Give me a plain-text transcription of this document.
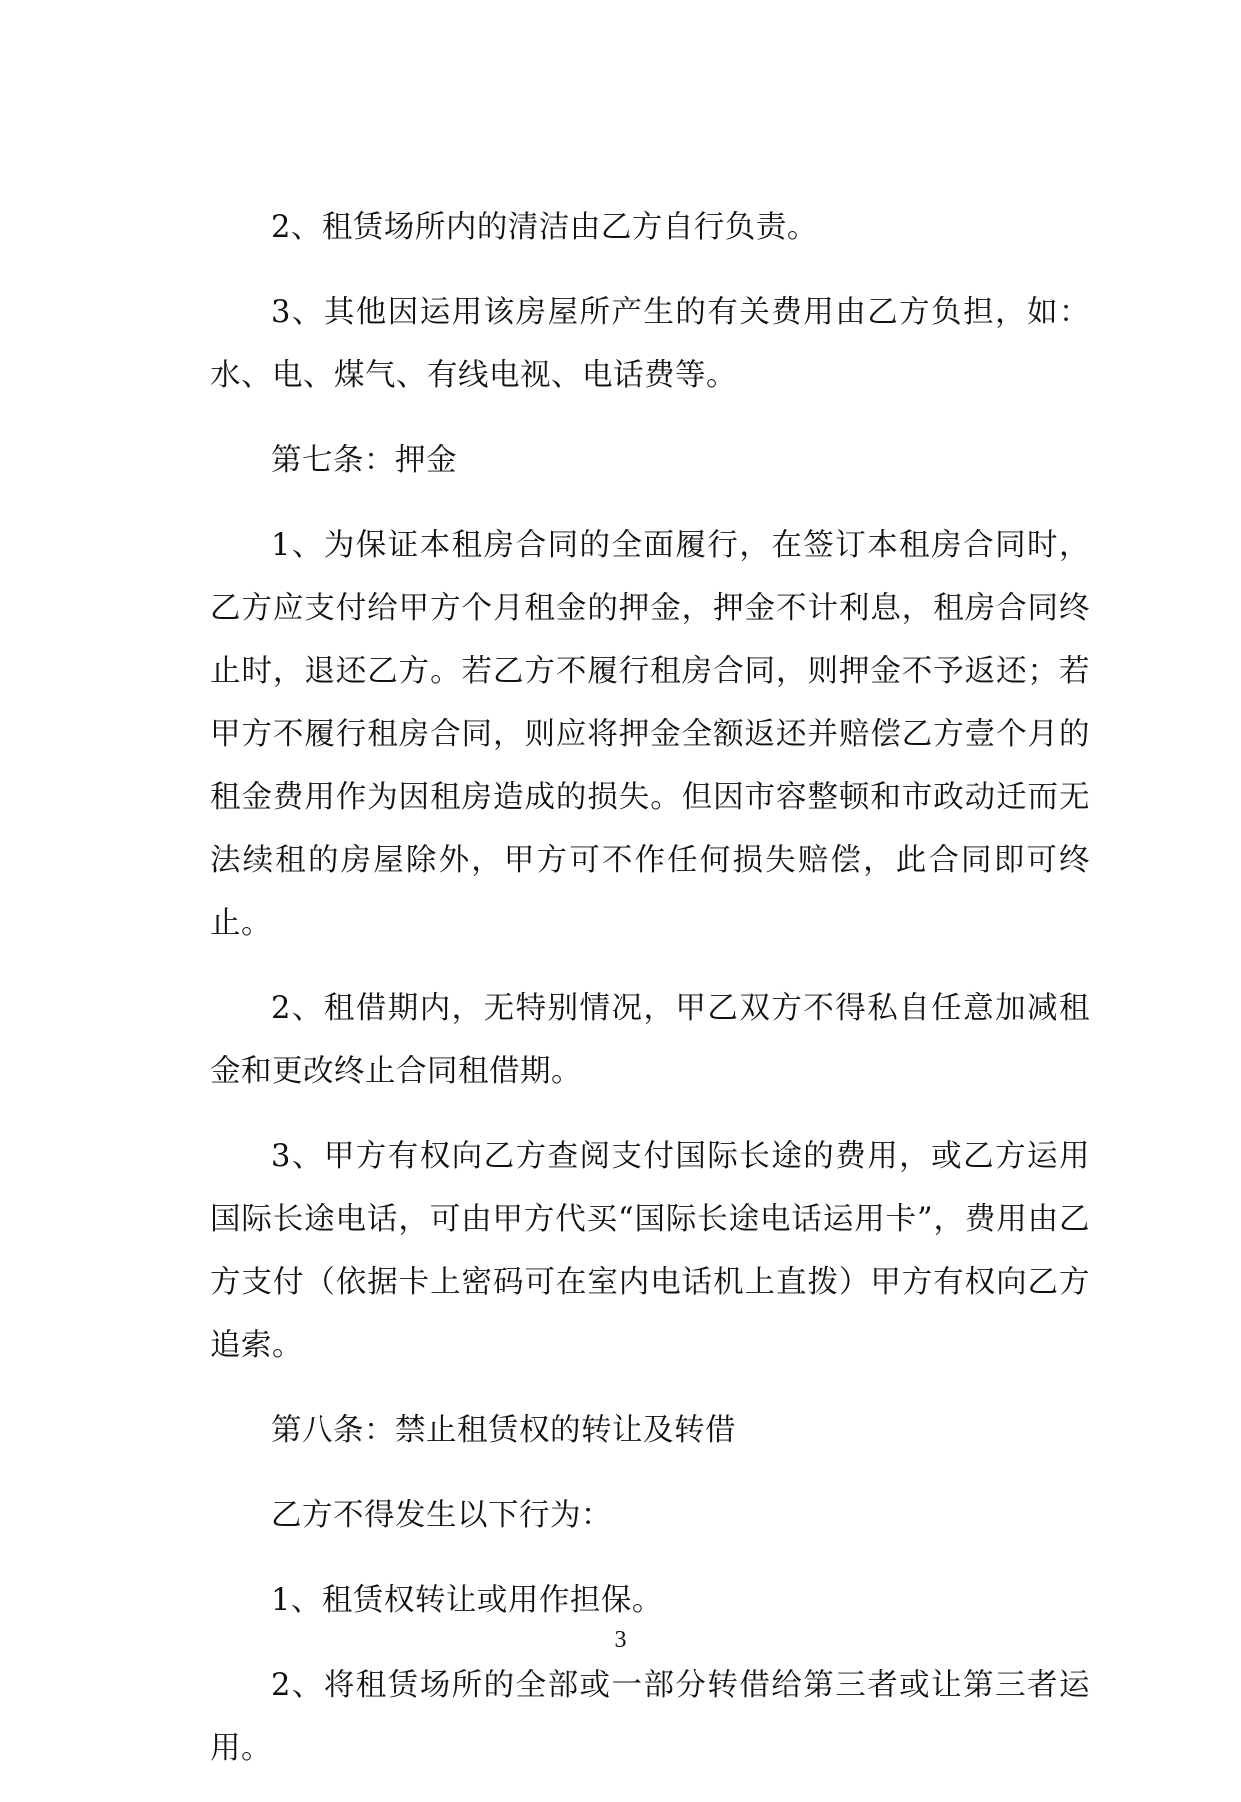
2、租赁场所内的清洁由乙方自行负责。

3、其他因运用该房屋所产生的有关费用由乙方负担，如：水、电、煤气、有线电视、电话费等。

第七条：押金

1、为保证本租房合同的全面履行，在签订本租房合同时，乙方应支付给甲方个月租金的押金，押金不计利息，租房合同终止时，退还乙方。若乙方不履行租房合同，则押金不予返还；若甲方不履行租房合同，则应将押金全额返还并赔偿乙方壹个月的租金费用作为因租房造成的损失。但因市容整顿和市政动迁而无法续租的房屋除外，甲方可不作任何损失赔偿，此合同即可终止。

2、租借期内，无特别情况，甲乙双方不得私自任意加减租金和更改终止合同租借期。

3、甲方有权向乙方查阅支付国际长途的费用，或乙方运用国际长途电话，可由甲方代买“国际长途电话运用卡”，费用由乙方支付（依据卡上密码可在室内电话机上直拨）甲方有权向乙方追索。

第八条：禁止租赁权的转让及转借

乙方不得发生以下行为：

1、租赁权转让或用作担保。

2、将租赁场所的全部或一部分转借给第三者或让第三者运用。

3
